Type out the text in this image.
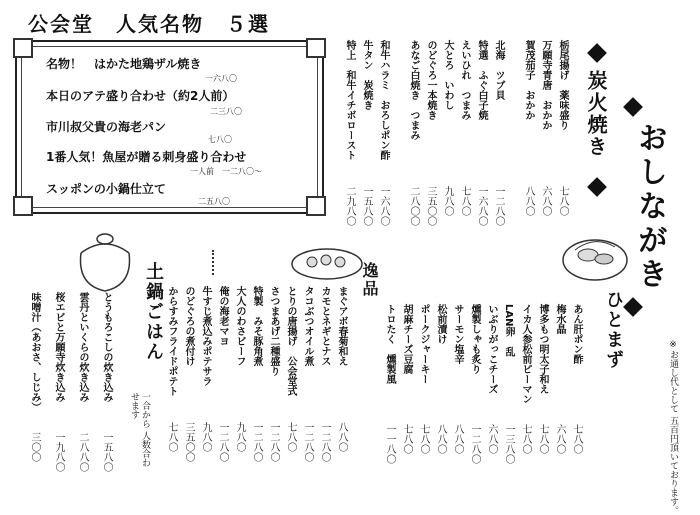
公会堂　人気名物　５選
名物！　はかた地鶏ザル焼き
一六八〇
本日のアテ盛り合わせ（約2人前）
二三八〇
市川叔父貴の海老パン
七八〇
1番人気！魚屋が贈る刺身盛り合わせ
一人前　一二八〇〜
スッポンの小鍋仕立て
二五八〇	おしながき
※お通し代として 五百円頂いております。
炭火焼き
栃尾揚げ　薬味盛り
七八〇
万願寺青唐　おかか
六八〇
賀茂茄子　おかか
八八〇
北海　ツブ貝
一二八〇
特選　ふぐ白子焼
一六八〇
えいひれ　つまみ
七八〇
大とろ　いわし
九八〇
のどぐろ一本焼き
三五〇〇
あなご白焼き　つまみ
二八〇〇
和牛ハラミ　おろしポン酢
一六八〇
牛タン　炭焼き
一五八〇
特上　和牛イチボロースト
二九八〇
ひとまず
あん肝ポン酢
七八〇
梅水晶
六八〇
博多もつ明太子和え
七八〇
イカ人参松前ピーマン
七八〇
LAN卵　乱
一三八〇
いぶりがっこチーズ
六八〇
燻製しゃも炙り
一二八〇
サーモン塩辛
八八〇
松前漬け
八八〇
ポークジャーキー
七八〇
胡麻チーズ豆腐
七八〇
トロたく　燻製風
一一八〇
逸品
まぐアボ春菊和え
八八〇
カモとネギとナス
一二八〇
タコぶつオイル煮
一二八〇
とりの唐揚げ　公会堂式
七八〇
さつまあげ二種盛り
一二八〇
特製　みそ豚角煮
一二八〇
大人のわさビーフ
九八〇
俺の海老マヨ
一二八〇
牛すじ煮込みポテサラ
九八〇
のどぐろの煮付け
三五〇〇
からすみフライドポテト
七八〇
土鍋ごはん
一合から 人数合わせます
とうもろこしの炊き込み
一五八〇
雲丹といくらの炊き込み
二八八〇
桜エビと万願寺炊き込み
一九八〇
味噌汁（あおさ、しじみ）
三〇〇
